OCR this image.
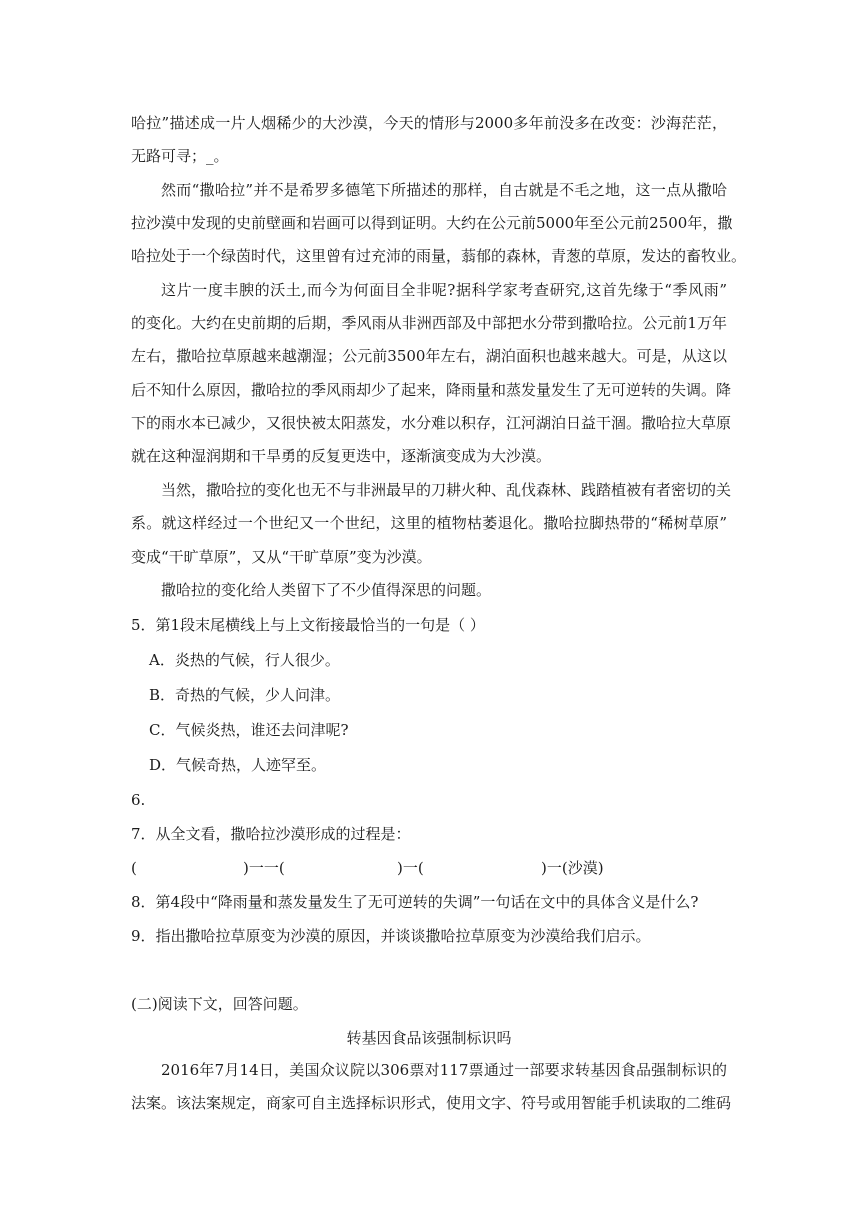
哈拉”描述成一片人烟稀少的大沙漠，今天的情形与2000多年前没多在改变：沙海茫茫，
无路可寻；_。
然而“撒哈拉”并不是希罗多德笔下所描述的那样，自古就是不毛之地，这一点从撒哈
拉沙漠中发现的史前壁画和岩画可以得到证明。大约在公元前5000年至公元前2500年，撒
哈拉处于一个绿茵时代，这里曾有过充沛的雨量，蓊郁的森林，青葱的草原，发达的畜牧业。
这片一度丰腴的沃土,而今为何面目全非呢?据科学家考查研究,这首先缘于“季风雨”
的变化。大约在史前期的后期，季风雨从非洲西部及中部把水分带到撒哈拉。公元前1万年
左右，撒哈拉草原越来越潮湿；公元前3500年左右，湖泊面积也越来越大。可是，从这以
后不知什么原因，撒哈拉的季风雨却少了起来，降雨量和蒸发量发生了无可逆转的失调。降
下的雨水本已减少，又很快被太阳蒸发，水分难以积存，江河湖泊日益干涸。撒哈拉大草原
就在这种湿润期和干旱勇的反复更迭中，逐渐演变成为大沙漠。
当然，撒哈拉的变化也无不与非洲最早的刀耕火种、乱伐森林、践踏植被有者密切的关
系。就这样经过一个世纪又一个世纪，这里的植物枯萎退化。撒哈拉脚热带的“稀树草原”
变成“干旷草原”，又从“干旷草原”变为沙漠。
撒哈拉的变化给人类留下了不少值得深思的问题。
5．第1段末尾横线上与上文衔接最恰当的一句是（ ）
A．炎热的气候，行人很少。
B．奇热的气候，少人问津。
C．气候炎热，谁还去问津呢?
D．气候奇热，人迹罕至。
6.
7．从全文看，撒哈拉沙漠形成的过程是：
(	)一一(	)一(	)一(沙漠)
8．第4段中“降雨量和蒸发量发生了无可逆转的失调”一句话在文中的具体含义是什么?
9．指出撒哈拉草原变为沙漠的原因，并谈谈撒哈拉草原变为沙漠给我们启示。
(二)阅读下文，回答问题。
转基因食品该强制标识吗
2016年7月14日，美国众议院以306票对117票通过一部要求转基因食品强制标识的
法案。该法案规定，商家可自主选择标识形式，使用文字、符号或用智能手机读取的二维码
